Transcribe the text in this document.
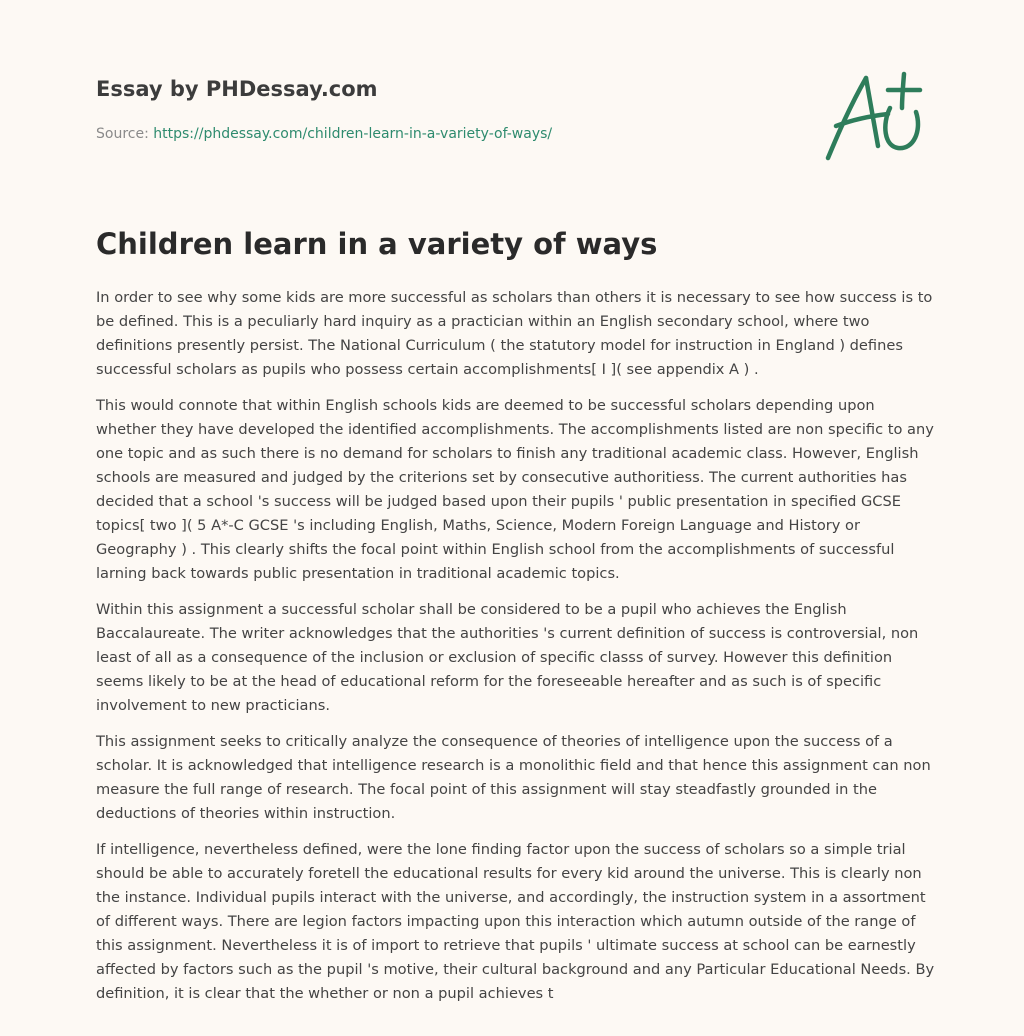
Essay by PHDessay.com
Source: https://phdessay.com/children-learn-in-a-variety-of-ways/
A+
Children learn in a variety of ways

In order to see why some kids are more successful as scholars than others it is necessary to see how success is to be defined. This is a peculiarly hard inquiry as a practician within an English secondary school, where two definitions presently persist. The National Curriculum ( the statutory model for instruction in England ) defines successful scholars as pupils who possess certain accomplishments[ I ]( see appendix A ) .

This would connote that within English schools kids are deemed to be successful scholars depending upon whether they have developed the identified accomplishments. The accomplishments listed are non specific to any one topic and as such there is no demand for scholars to finish any traditional academic class. However, English schools are measured and judged by the criterions set by consecutive authoritiess. The current authorities has decided that a school 's success will be judged based upon their pupils ' public presentation in specified GCSE topics[ two ]( 5 A*-C GCSE 's including English, Maths, Science, Modern Foreign Language and History or Geography ) . This clearly shifts the focal point within English school from the accomplishments of successful larning back towards public presentation in traditional academic topics.

Within this assignment a successful scholar shall be considered to be a pupil who achieves the English Baccalaureate. The writer acknowledges that the authorities 's current definition of success is controversial, non least of all as a consequence of the inclusion or exclusion of specific classs of survey. However this definition seems likely to be at the head of educational reform for the foreseeable hereafter and as such is of specific involvement to new practicians.

This assignment seeks to critically analyze the consequence of theories of intelligence upon the success of a scholar. It is acknowledged that intelligence research is a monolithic field and that hence this assignment can non measure the full range of research. The focal point of this assignment will stay steadfastly grounded in the deductions of theories within instruction.

If intelligence, nevertheless defined, were the lone finding factor upon the success of scholars so a simple trial should be able to accurately foretell the educational results for every kid around the universe. This is clearly non the instance. Individual pupils interact with the universe, and accordingly, the instruction system in a assortment of different ways. There are legion factors impacting upon this interaction which autumn outside of the range of this assignment. Nevertheless it is of import to retrieve that pupils ' ultimate success at school can be earnestly affected by factors such as the pupil 's motive, their cultural background and any Particular Educational Needs. By definition, it is clear that the whether or non a pupil achieves t
